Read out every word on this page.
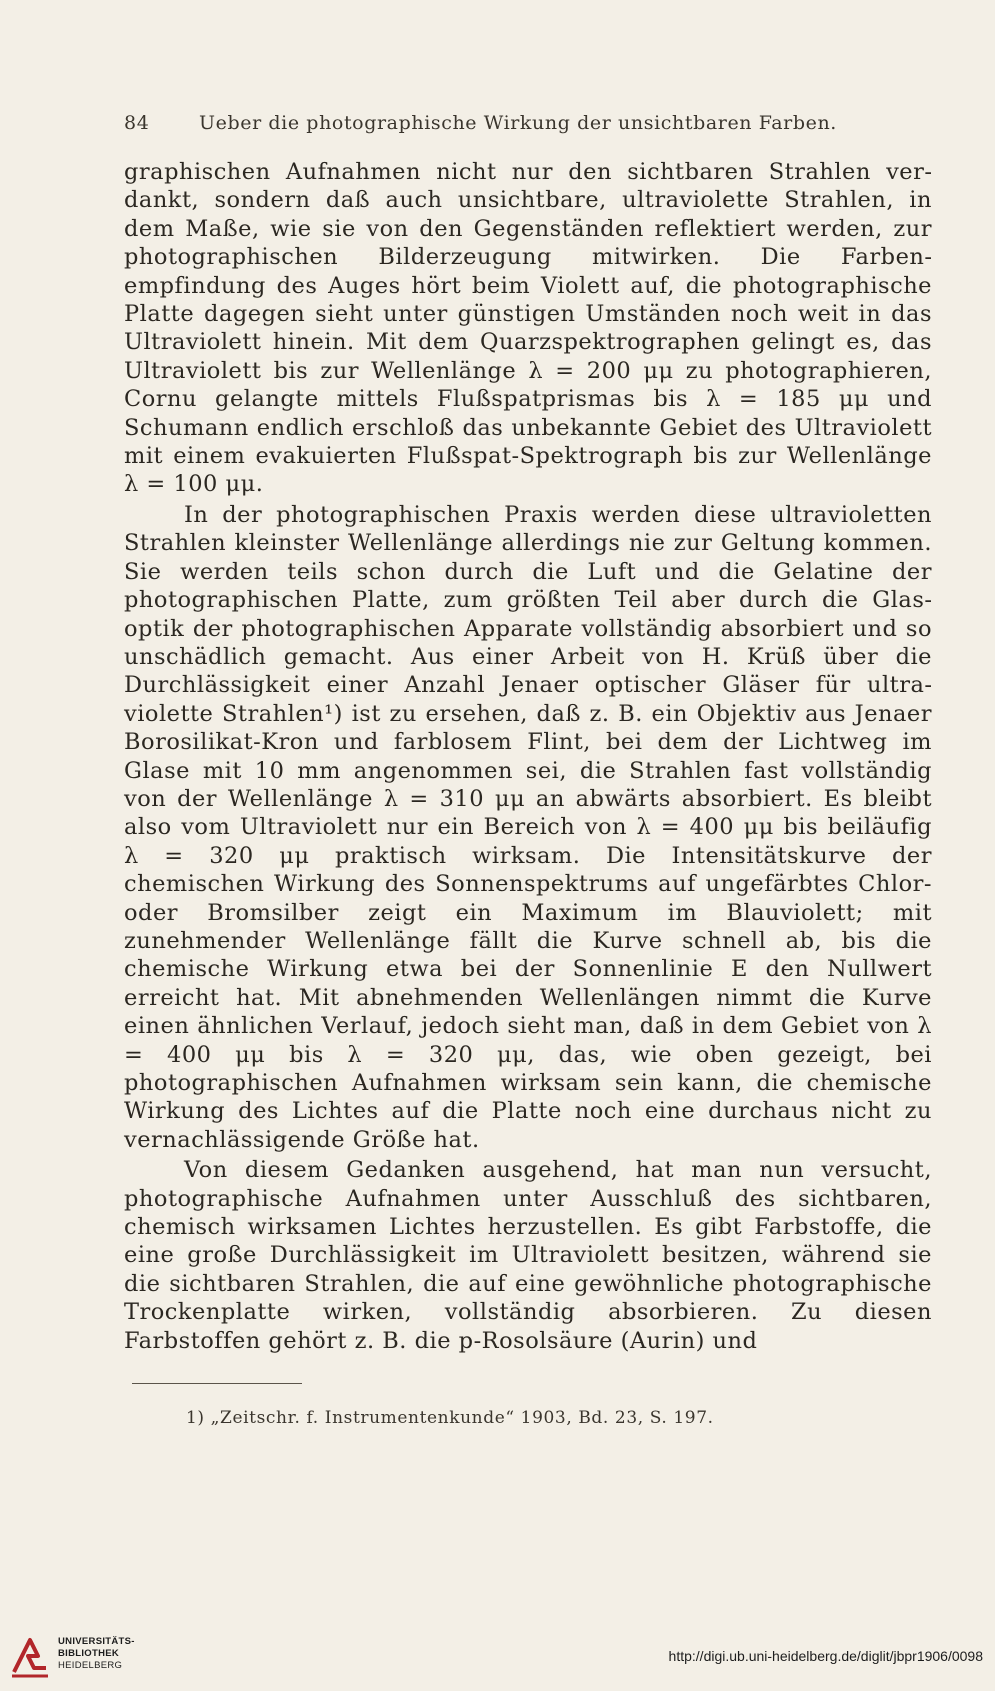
84	Ueber die photographische Wirkung der unsichtbaren Farben.

graphischen Aufnahmen nicht nur den sichtbaren Strahlen verdankt, sondern daß auch unsichtbare, ultraviolette Strahlen, in dem Maße, wie sie von den Gegenständen reflektiert werden, zur photographischen Bilderzeugung mitwirken. Die Farbenempfindung des Auges hört beim Violett auf, die photographische Platte dagegen sieht unter günstigen Umständen noch weit in das Ultraviolett hinein. Mit dem Quarzspektrographen gelingt es, das Ultraviolett bis zur Wellenlänge λ = 200 μμ zu photographieren, Cornu gelangte mittels Flußspatprismas bis λ = 185 μμ und Schumann endlich erschloß das unbekannte Gebiet des Ultraviolett mit einem evakuierten Flußspat-Spektrograph bis zur Wellenlänge λ = 100 μμ.

In der photographischen Praxis werden diese ultravioletten Strahlen kleinster Wellenlänge allerdings nie zur Geltung kommen. Sie werden teils schon durch die Luft und die Gelatine der photographischen Platte, zum größten Teil aber durch die Glasoptik der photographischen Apparate vollständig absorbiert und so unschädlich gemacht. Aus einer Arbeit von H. Krüß über die Durchlässigkeit einer Anzahl Jenaer optischer Gläser für ultraviolette Strahlen¹) ist zu ersehen, daß z. B. ein Objektiv aus Jenaer Borosilikat-Kron und farblosem Flint, bei dem der Lichtweg im Glase mit 10 mm angenommen sei, die Strahlen fast vollständig von der Wellenlänge λ = 310 μμ an abwärts absorbiert. Es bleibt also vom Ultraviolett nur ein Bereich von λ = 400 μμ bis beiläufig λ = 320 μμ praktisch wirksam. Die Intensitätskurve der chemischen Wirkung des Sonnenspektrums auf ungefärbtes Chlor- oder Bromsilber zeigt ein Maximum im Blauviolett; mit zunehmender Wellenlänge fällt die Kurve schnell ab, bis die chemische Wirkung etwa bei der Sonnenlinie E den Nullwert erreicht hat. Mit abnehmenden Wellenlängen nimmt die Kurve einen ähnlichen Verlauf, jedoch sieht man, daß in dem Gebiet von λ = 400 μμ bis λ = 320 μμ, das, wie oben gezeigt, bei photographischen Aufnahmen wirksam sein kann, die chemische Wirkung des Lichtes auf die Platte noch eine durchaus nicht zu vernachlässigende Größe hat.

Von diesem Gedanken ausgehend, hat man nun versucht, photographische Aufnahmen unter Ausschluß des sichtbaren, chemisch wirksamen Lichtes herzustellen. Es gibt Farbstoffe, die eine große Durchlässigkeit im Ultraviolett besitzen, während sie die sichtbaren Strahlen, die auf eine gewöhnliche photographische Trockenplatte wirken, vollständig absorbieren. Zu diesen Farbstoffen gehört z. B. die p-Rosolsäure (Aurin) und

1) „Zeitschr. f. Instrumentenkunde“ 1903, Bd. 23, S. 197.
UNIVERSITÄTS-
BIBLIOTHEK
HEIDELBERG
http://digi.ub.uni-heidelberg.de/diglit/jbpr1906/0098
